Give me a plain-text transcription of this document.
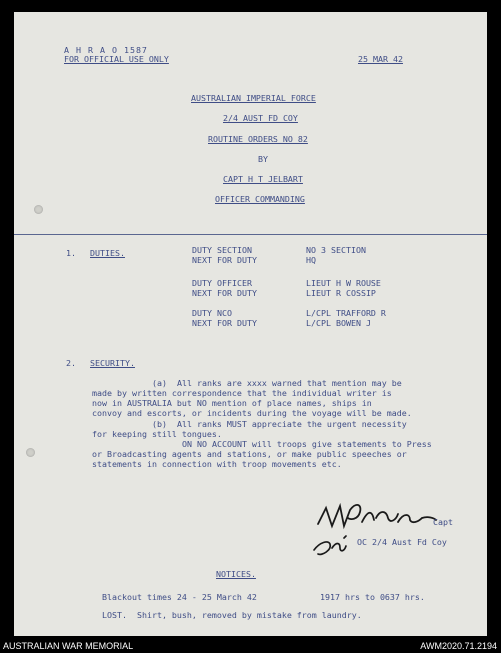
A H R A O 1587
FOR OFFICIAL USE ONLY	25 MAR 42
AUSTRALIAN IMPERIAL FORCE
2/4 AUST FD COY
ROUTINE ORDERS NO 82
BY
CAPT H T JELBART
OFFICER COMMANDING
1. DUTIES.	DUTY SECTION	NO 3 SECTION
NEXT FOR DUTY	HQ
DUTY OFFICER	LIEUT H W ROUSE
NEXT FOR DUTY	LIEUT R COSSIP
DUTY NCO	L/CPL TRAFFORD R
NEXT FOR DUTY	L/CPL BOWEN J
2. SECURITY.
(a)  All ranks are xxxx warned that mention may be
made by written correspondence that the individual writer is
now in AUSTRALIA but NO mention of place names, ships in
convoy and escorts, or incidents during the voyage will be made.
(b)  All ranks MUST appreciate the urgent necessity
for keeping still tongues.
ON NO ACCOUNT will troops give statements to Press
or Broadcasting agents and stations, or make public speeches or
statements in connection with troop movements etc.
Capt
OC 2/4 Aust Fd Coy
NOTICES.
Blackout times 24 - 25 March 42	1917 hrs to 0637 hrs.
LOST.  Shirt, bush, removed by mistake from laundry.
AUSTRALIAN WAR MEMORIAL	AWM2020.71.2194
